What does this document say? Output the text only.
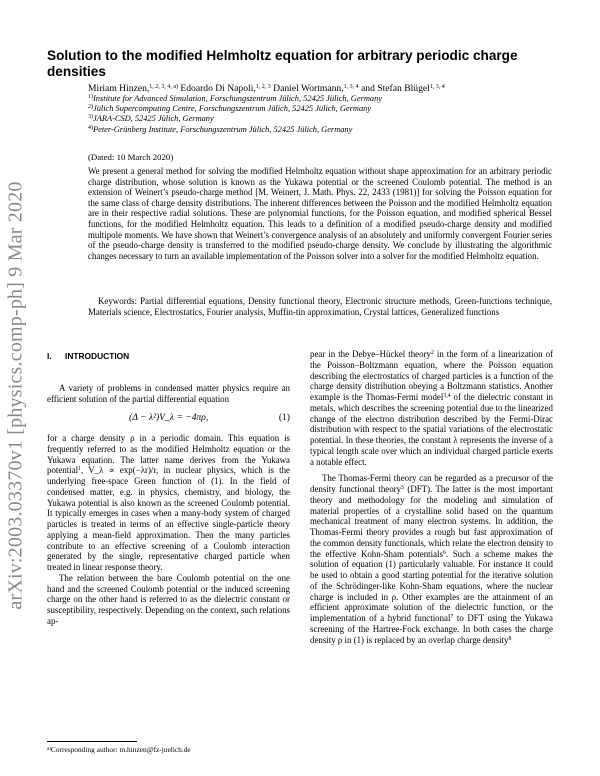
arXiv:2003.03370v1 [physics.comp-ph] 9 Mar 2020
Solution to the modified Helmholtz equation for arbitrary periodic charge densities
Miriam Hinzen,$^{1, 2, 3, 4, a)}$ Edoardo Di Napoli,$^{1, 2, 3}$ Daniel Wortmann,$^{1, 3, 4}$ and Stefan Blügel$^{1, 3, 4}$
$^{1)}$Institute for Advanced Simulation, Forschungszentrum Jülich, 52425 Jülich, Germany
$^{2)}$Jülich Supercomputing Centre, Forschungszentrum Jülich, 52425 Jülich, Germany
$^{3)}$JARA-CSD, 52425 Jülich, Germany
$^{4)}$Peter-Grünberg Institute, Forschungszentrum Jülich, 52425 Jülich, Germany
(Dated: 10 March 2020)
We present a general method for solving the modified Helmholtz equation without shape approximation for an arbitrary periodic charge distribution, whose solution is known as the Yukawa potential or the screened Coulomb potential. The method is an extension of Weinert’s pseudo-charge method [M. Weinert, J. Math. Phys. 22, 2433 (1981)] for solving the Poisson equation for the same class of charge density distributions. The inherent differences between the Poisson and the modified Helmholtz equation are in their respective radial solutions. These are polynomial functions, for the Poisson equation, and modified spherical Bessel functions, for the modified Helmholtz equation. This leads to a definition of a modified pseudo-charge density and modified multipole moments. We have shown that Weinert’s convergence analysis of an absolutely and uniformly convergent Fourier series of the pseudo-charge density is transferred to the modified pseudo-charge density. We conclude by illustrating the algorithmic changes necessary to turn an available implementation of the Poisson solver into a solver for the modified Helmholtz equation.
Keywords: Partial differential equations, Density functional theory, Electronic structure methods, Green-functions technique, Materials science, Electrostatics, Fourier analysis, Muffin-tin approximation, Crystal lattices, Generalized functions
I. INTRODUCTION

A variety of problems in condensed matter physics require an efficient solution of the partial differential equation

(Δ − λ²)V_λ = −4πρ,	(1)

for a charge density ρ in a periodic domain. This equation is frequently referred to as the modified Helmholtz equation or the Yukawa equation. The latter name derives from the Yukawa potential$^1$, V_λ ∝ exp(−λr)/r, in nuclear physics, which is the underlying free-space Green function of (1). In the field of condensed matter, e.g. in physics, chemistry, and biology, the Yukawa potential is also known as the screened Coulomb potential. It typically emerges in cases when a many-body system of charged particles is treated in terms of an effective single-particle theory applying a mean-field approximation. Then the many particles contribute to an effective screening of a Coulomb interaction generated by the single, representative charged particle when treated in linear response theory.

The relation between the bare Coulomb potential on the one hand and the screened Coulomb potential or the induced screening charge on the other hand is referred to as the dielectric constant or susceptibility, respectively. Depending on the context, such relations ap-

pear in the Debye–Hückel theory$^2$ in the form of a linearization of the Poisson–Boltzmann equation, where the Poisson equation describing the electrostatics of charged particles is a function of the charge density distribution obeying a Boltzmann statistics. Another example is the Thomas-Fermi model$^{3,4}$ of the dielectric constant in metals, which describes the screening potential due to the linearized change of the electron distribution described by the Fermi-Dirac distribution with respect to the spatial variations of the electrostatic potential. In these theories, the constant λ represents the inverse of a typical length scale over which an individual charged particle exerts a notable effect.

The Thomas-Fermi theory can be regarded as a precursor of the density functional theory$^5$ (DFT). The latter is the most important theory and methodology for the modeling and simulation of material properties of a crystalline solid based on the quantum mechanical treatment of many electron systems. In addition, the Thomas-Fermi theory provides a rough but fast approximation of the common density functionals, which relate the electron density to the effective Kohn-Sham potentials$^6$. Such a scheme makes the solution of equation (1) particularly valuable. For instance it could be used to obtain a good starting potential for the iterative solution of the Schrödinger-like Kohn-Sham equations, where the nuclear charge is included in ρ. Other examples are the attainment of an efficient approximate solution of the dielectric function, or the implementation of a hybrid functional$^7$ to DFT using the Yukawa screening of the Hartree-Fock exchange. In both cases the charge density ρ in (1) is replaced by an overlap charge density$^8$

$^{a)}$Corresponding author: m.hinzen@fz-juelich.de
